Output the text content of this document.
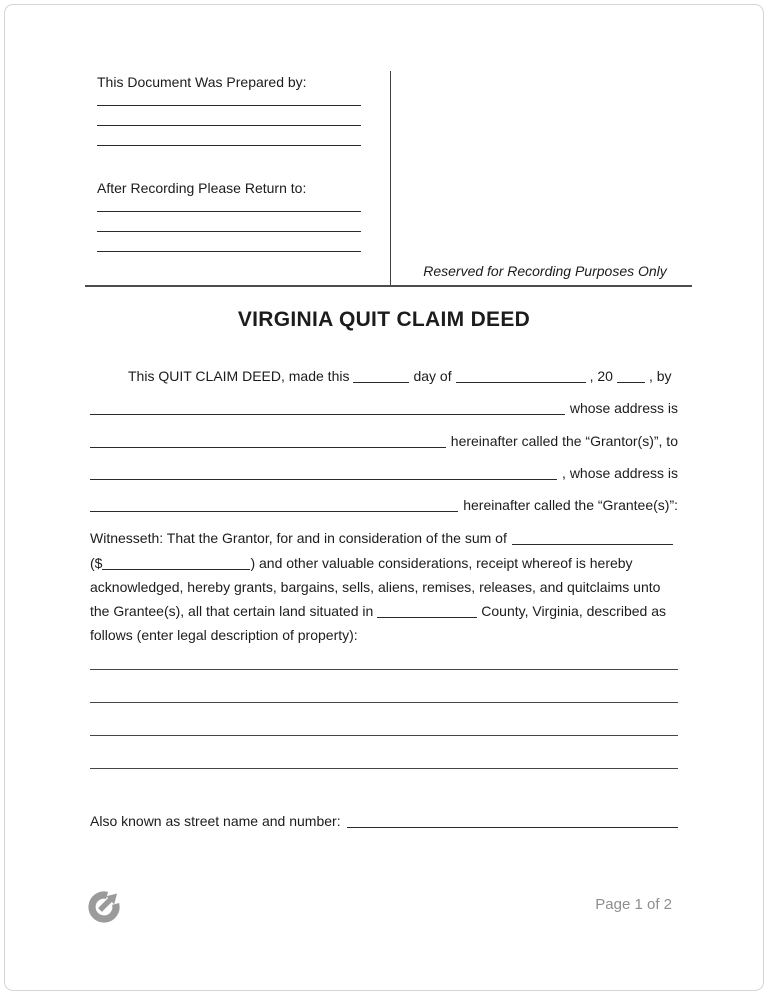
This Document Was Prepared by:
After Recording Please Return to:
Reserved for Recording Purposes Only
VIRGINIA QUIT CLAIM DEED
This QUIT CLAIM DEED, made this	day of	, 20	, by
whose address is
hereinafter called the “Grantor(s)”, to
, whose address is
hereinafter called the “Grantee(s)”:
Witnesseth: That the Grantor, for and in consideration of the sum of
($	) and other valuable considerations, receipt whereof is hereby
acknowledged, hereby grants, bargains, sells, aliens, remises, releases, and quitclaims unto
the Grantee(s), all that certain land situated in	County, Virginia, described as
follows (enter legal description of property):
Also known as street name and number:
Page 1 of 2
